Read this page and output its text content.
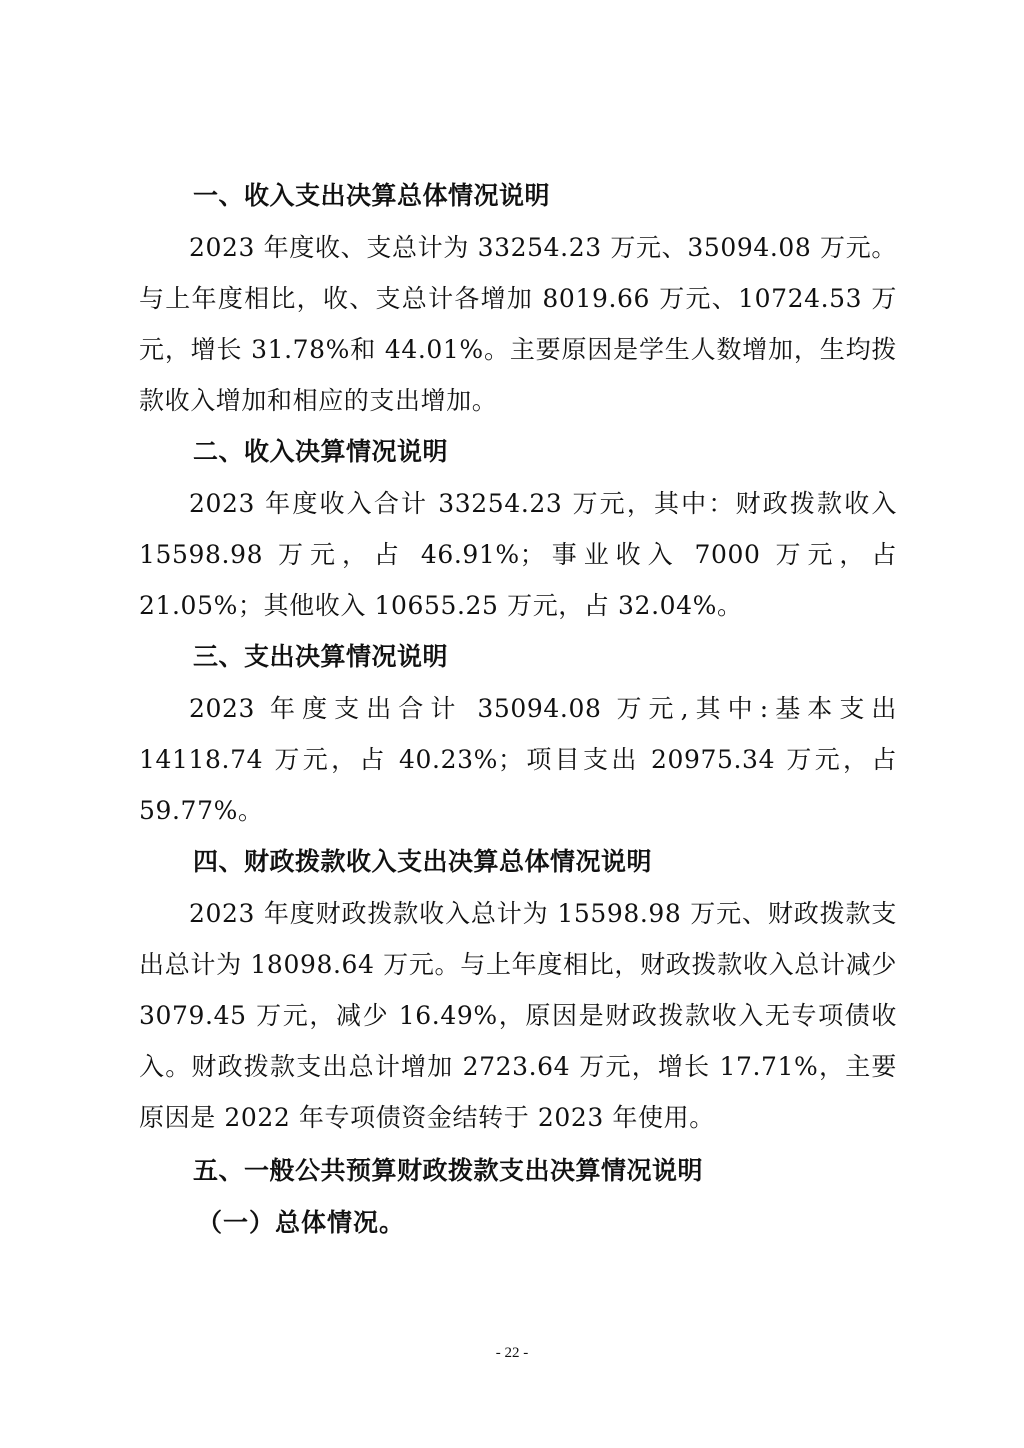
一、收入支出决算总体情况说明

2023 年度收、支总计为 33254.23 万元、35094.08 万元。与上年度相比，收、支总计各增加 8019.66 万元、10724.53 万元，增长 31.78%和 44.01%。主要原因是学生人数增加，生均拨款收入增加和相应的支出增加。

二、收入决算情况说明

2023 年度收入合计 33254.23 万元，其中：财政拨款收入 15598.98 万元，占 46.91%；事业收入 7000 万元，占 21.05%；其他收入 10655.25 万元，占 32.04%。

三、支出决算情况说明

2023 年度支出合计 35094.08 万元,其中:基本支出 14118.74 万元，占 40.23%；项目支出 20975.34 万元，占 59.77%。

四、财政拨款收入支出决算总体情况说明

2023 年度财政拨款收入总计为 15598.98 万元、财政拨款支出总计为 18098.64 万元。与上年度相比，财政拨款收入总计减少 3079.45 万元，减少 16.49%，原因是财政拨款收入无专项债收入。财政拨款支出总计增加 2723.64 万元，增长 17.71%，主要原因是 2022 年专项债资金结转于 2023 年使用。

五、一般公共预算财政拨款支出决算情况说明
（一）总体情况。
- 22 -
